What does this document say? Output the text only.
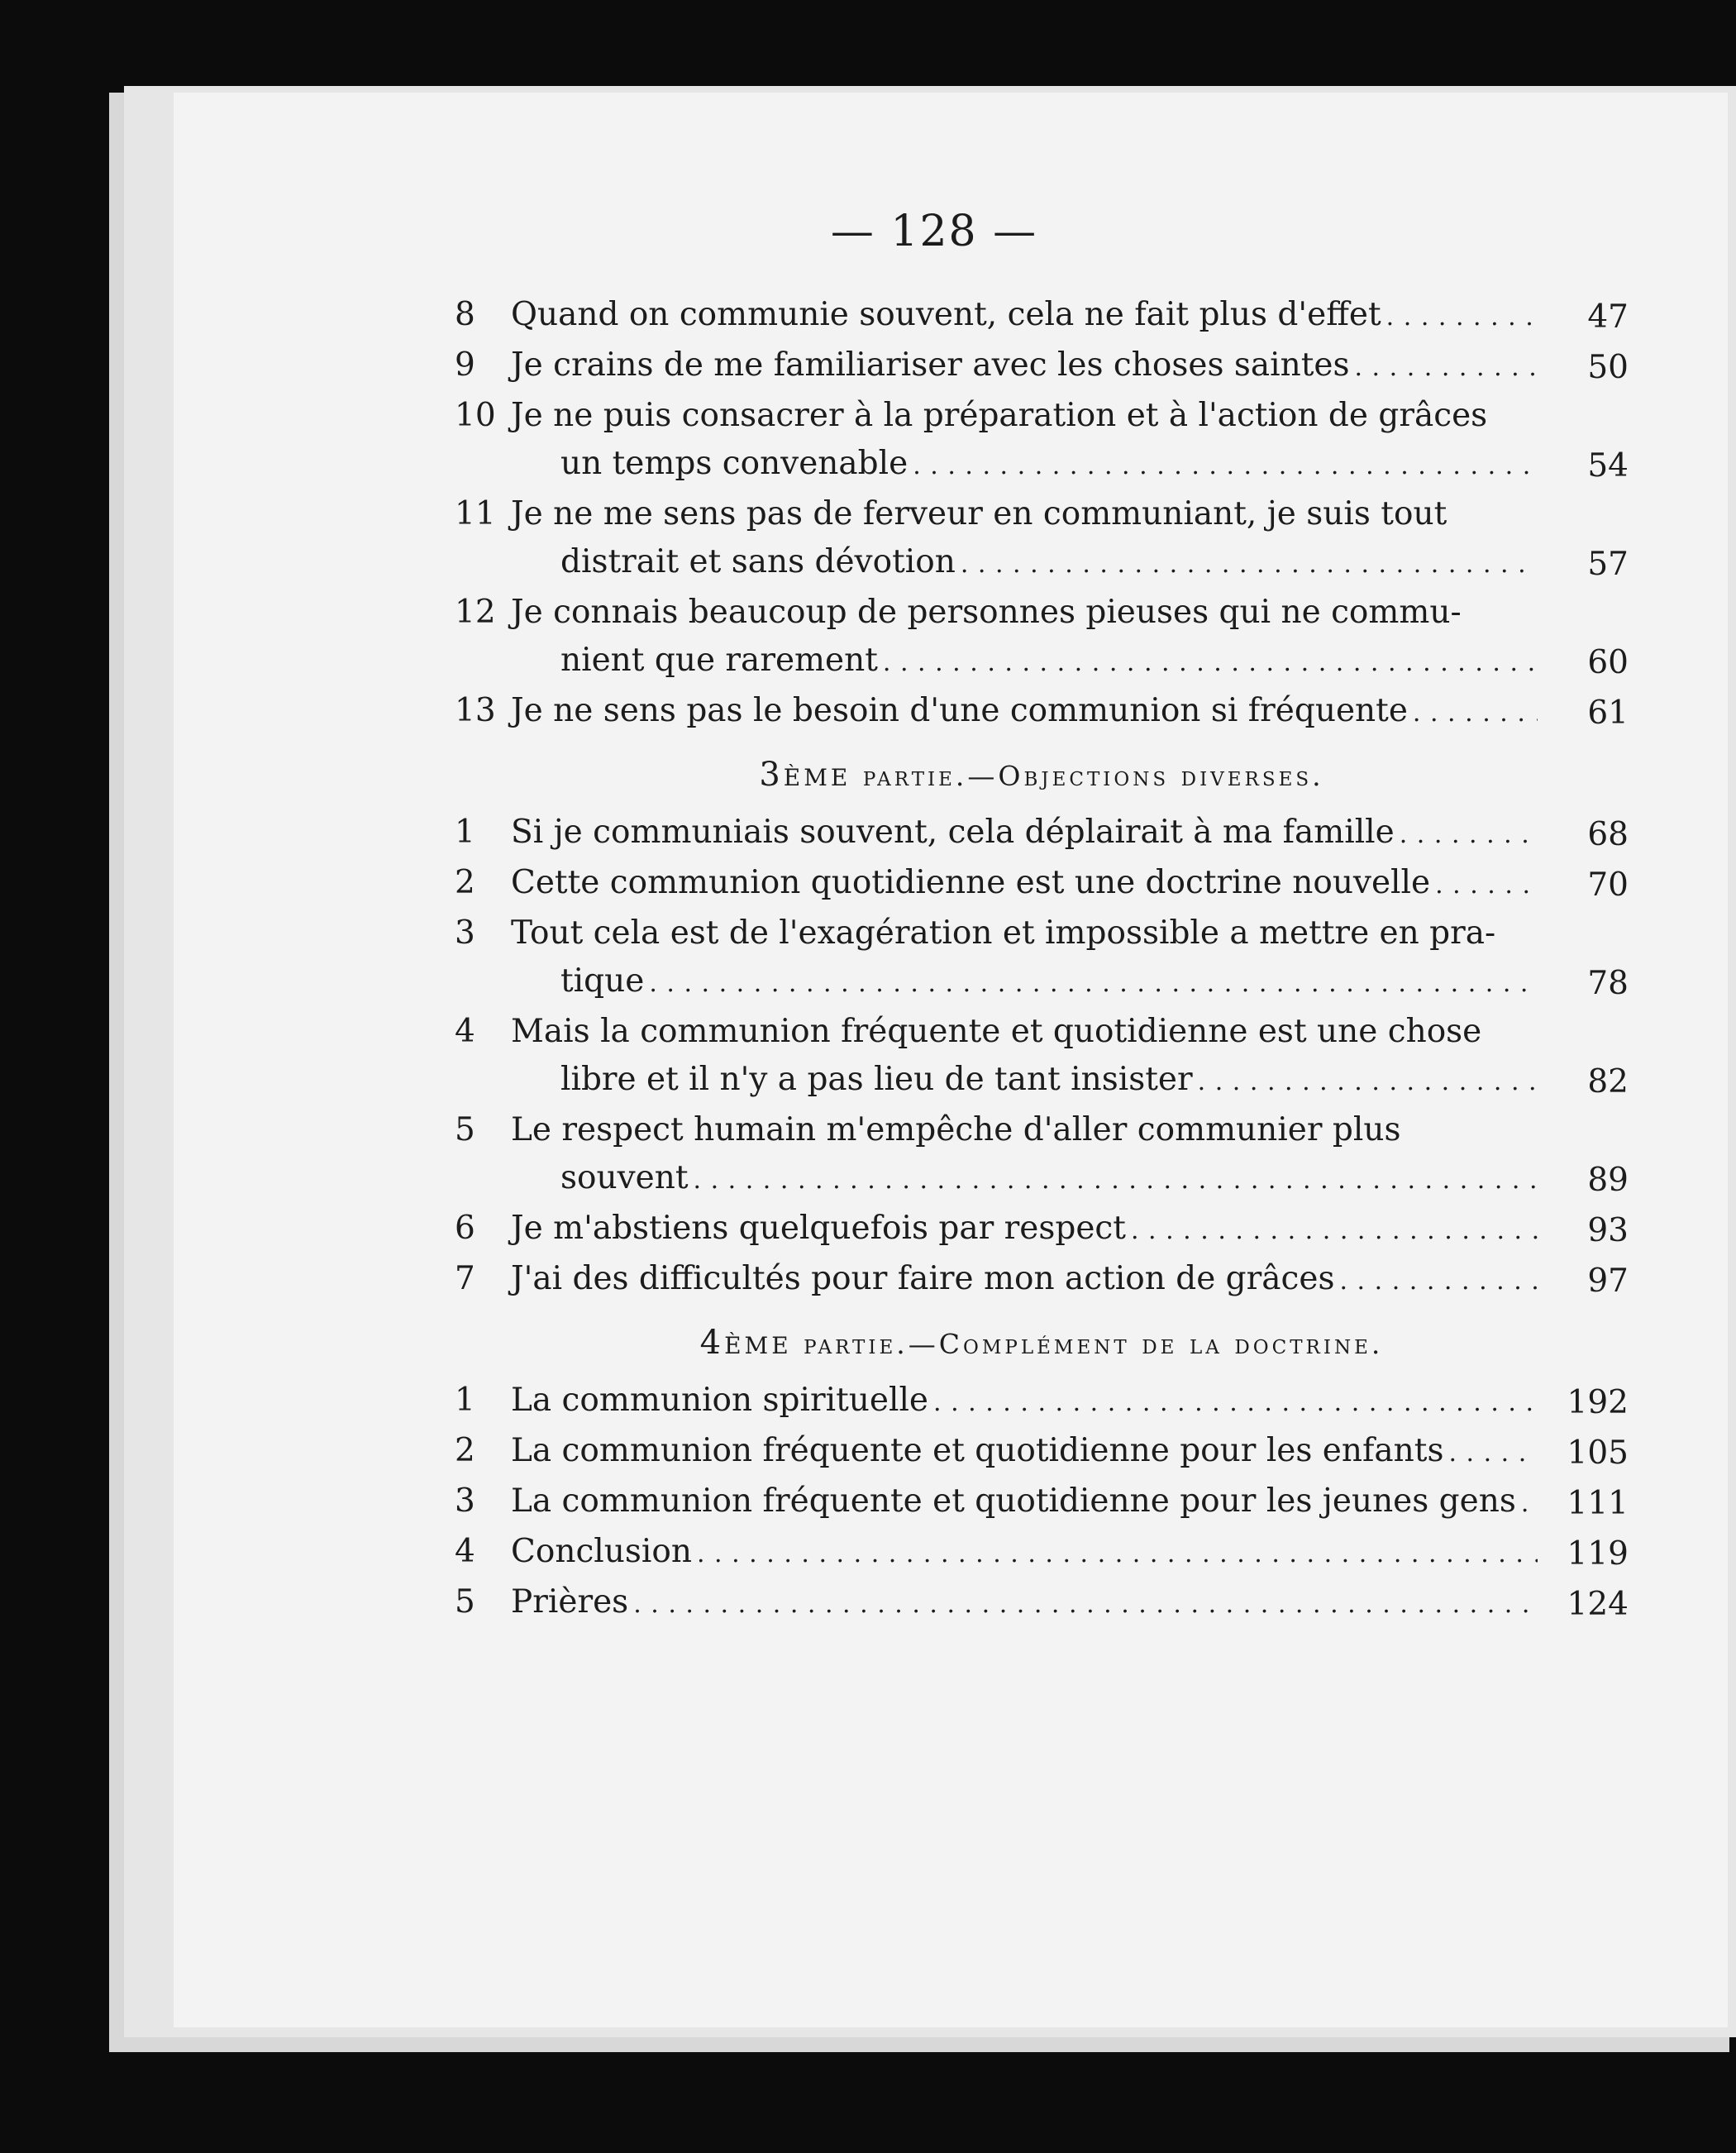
— 128 —
8	Quand on communie souvent, cela ne fait plus d'effet . . .	47
9	Je crains de me familiariser avec les choses saintes . . .	50
10 Je ne puis consacrer à la préparation et à l'action de grâces
un temps convenable . . .	54
11 Je ne me sens pas de ferveur en communiant, je suis tout
distrait et sans dévotion . . .	57
12 Je connais beaucoup de personnes pieuses qui ne commu-
nient que rarement . . .	60
13 Je ne sens pas le besoin d'une communion si fréquente . . .	61
3ème partie.—Objections diverses.
1	Si je communiais souvent, cela déplairait à ma famille . . .	68
2	Cette communion quotidienne est une doctrine nouvelle . . .	70
3	Tout cela est de l'exagération et impossible a mettre en pra-
tique . . .	78
4	Mais la communion fréquente et quotidienne est une chose
libre et il n'y a pas lieu de tant insister . . .	82
5	Le respect humain m'empêche d'aller communier plus
souvent . . .	89
6	Je m'abstiens quelquefois par respect . . .	93
7	J'ai des difficultés pour faire mon action de grâces . . .	97
4ème partie.—Complément de la doctrine.
1	La communion spirituelle . . .	192
2	La communion fréquente et quotidienne pour les enfants . . .	105
3	La communion fréquente et quotidienne pour les jeunes gens . . .	111
4	Conclusion . . .	119
5	Prières . . .	124
